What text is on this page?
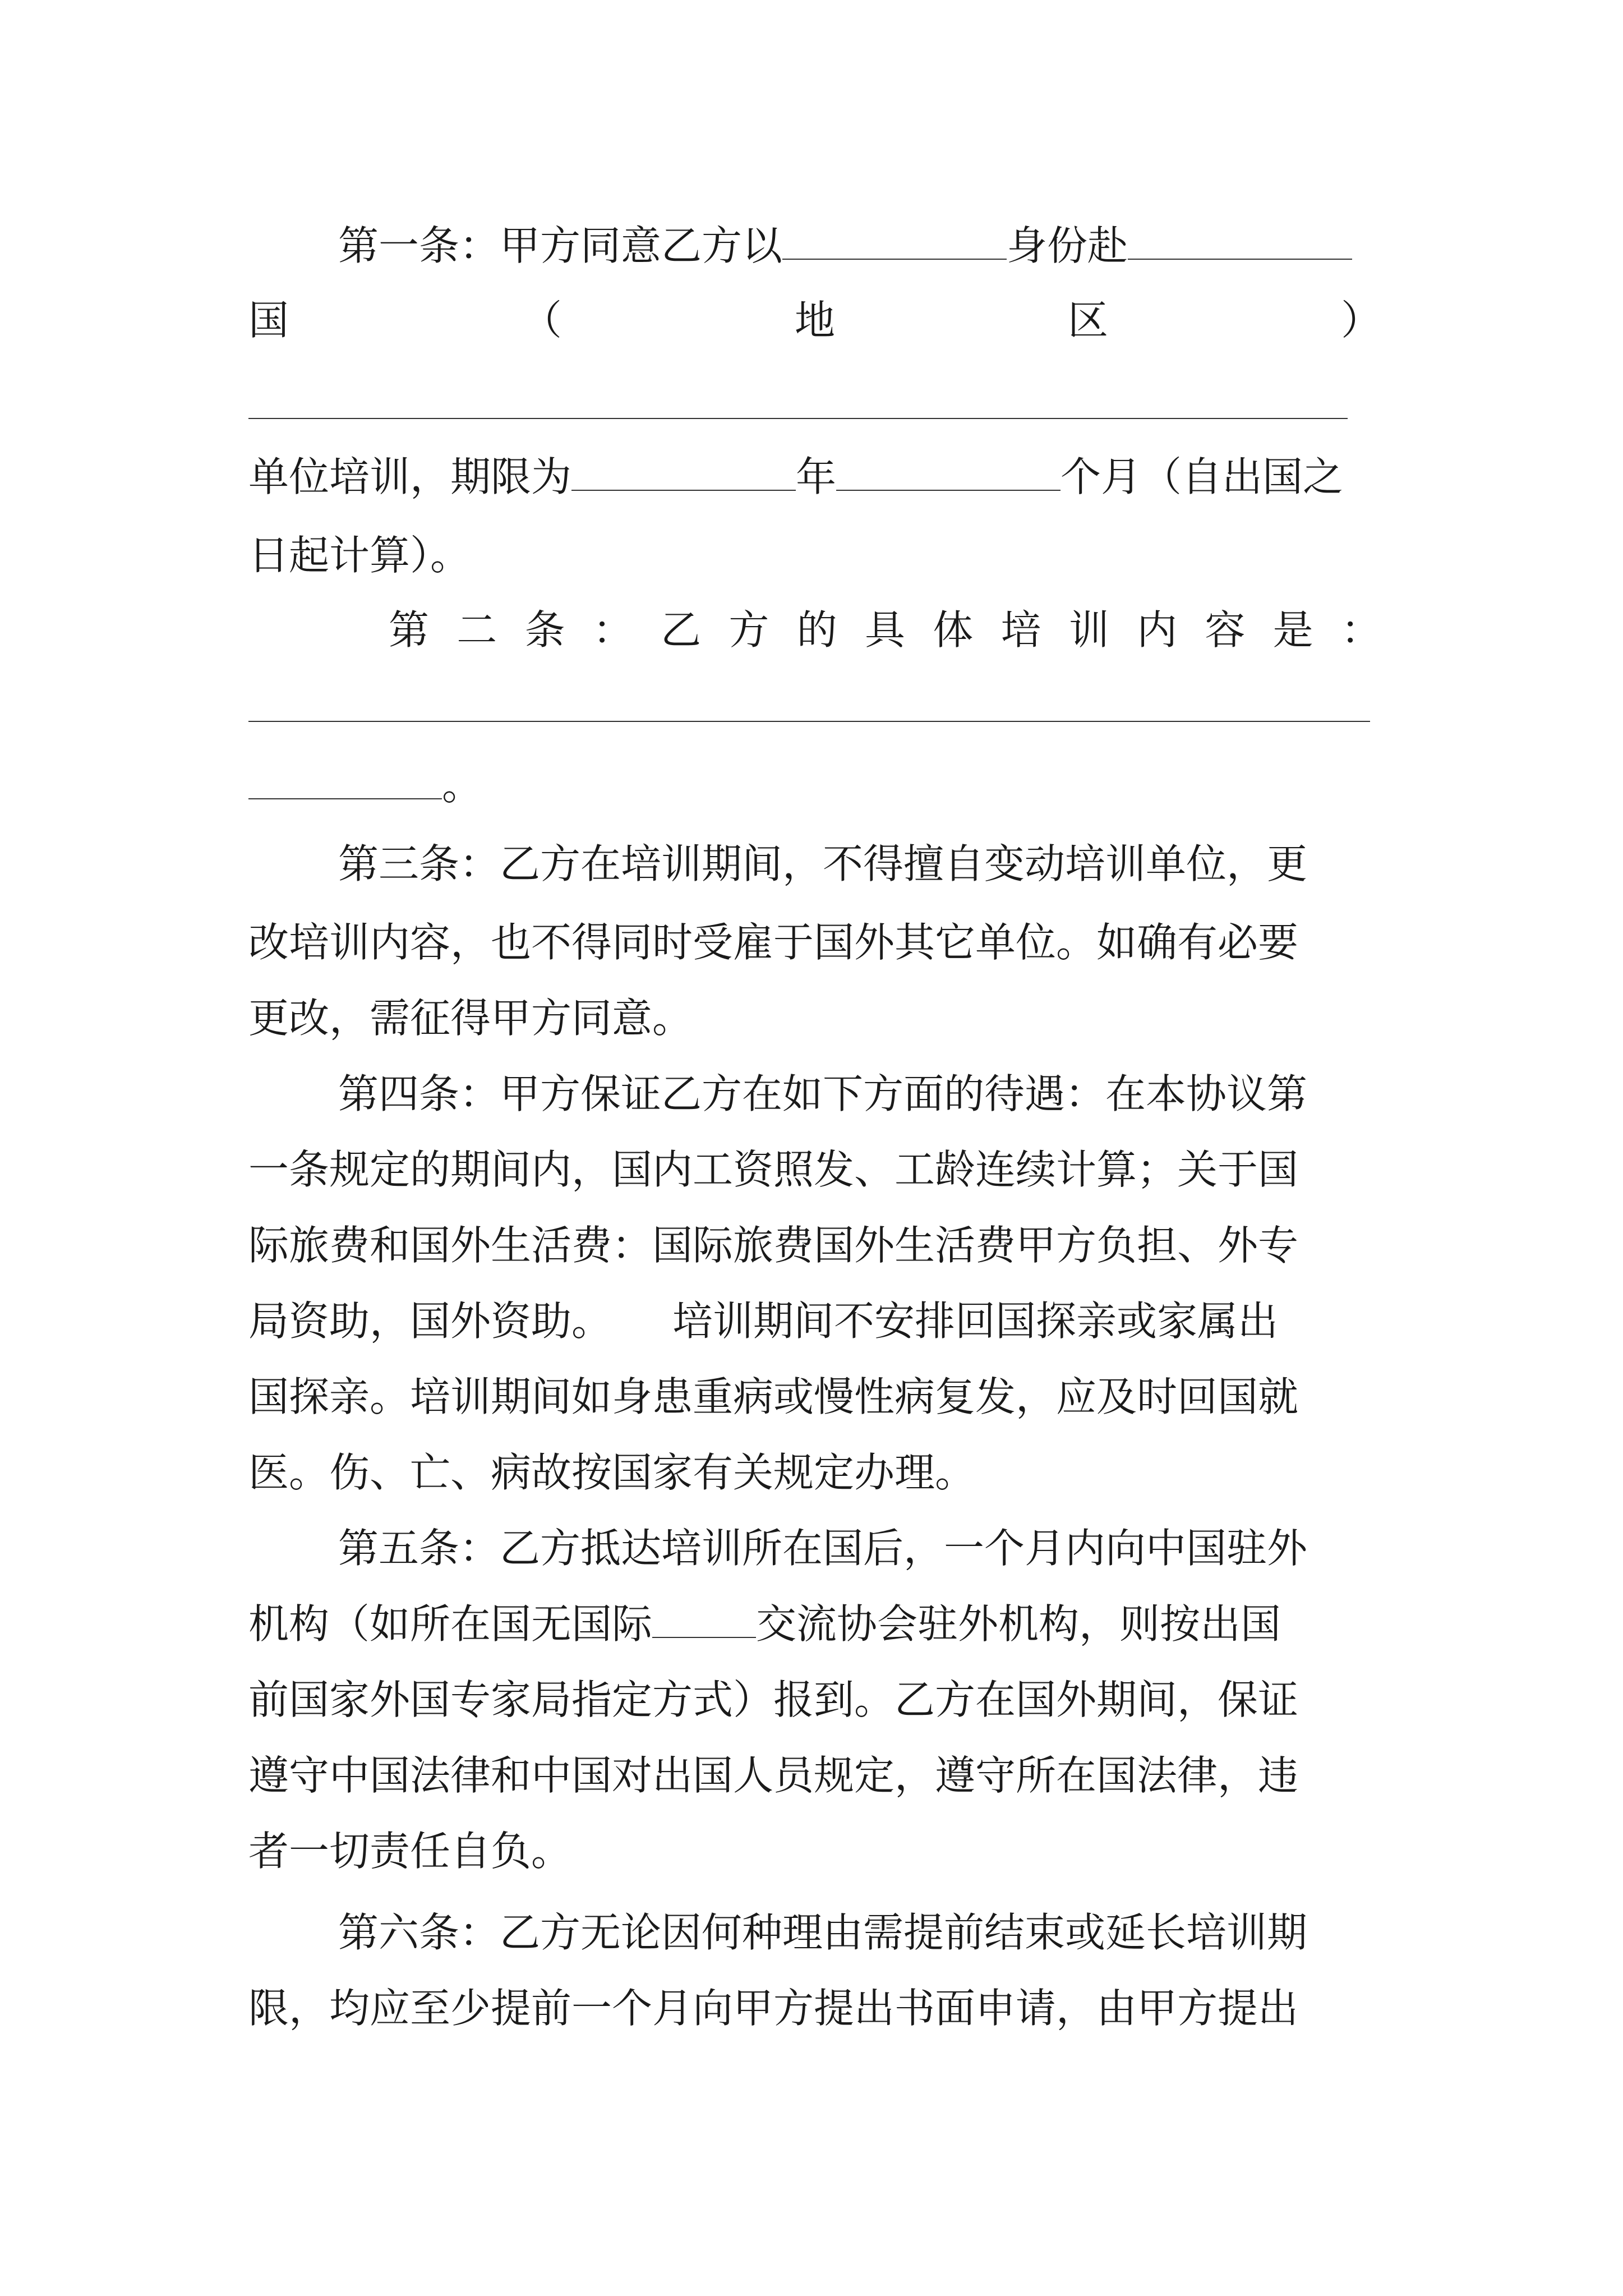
第一条：甲方同意乙方以	身份赴
国	（	地	区	）
单位培训，期限为	年	个月（自出国之
日起计算）。
第 二 条 ： 乙 方 的 具 体 培 训 内 容 是 ：
。
第三条：乙方在培训期间，不得擅自变动培训单位，更
改培训内容，也不得同时受雇于国外其它单位。如确有必要
更改，需征得甲方同意。
第四条：甲方保证乙方在如下方面的待遇：在本协议第
一条规定的期间内，国内工资照发、工龄连续计算；关于国
际旅费和国外生活费：国际旅费国外生活费甲方负担、外专
局资助，国外资助。　　培训期间不安排回国探亲或家属出
国探亲。培训期间如身患重病或慢性病复发，应及时回国就
医。伤、亡、病故按国家有关规定办理。
第五条：乙方抵达培训所在国后，一个月内向中国驻外
机构（如所在国无国际	交流协会驻外机构，则按出国
前国家外国专家局指定方式）报到。乙方在国外期间，保证
遵守中国法律和中国对出国人员规定，遵守所在国法律，违
者一切责任自负。
第六条：乙方无论因何种理由需提前结束或延长培训期
限，均应至少提前一个月向甲方提出书面申请，由甲方提出
